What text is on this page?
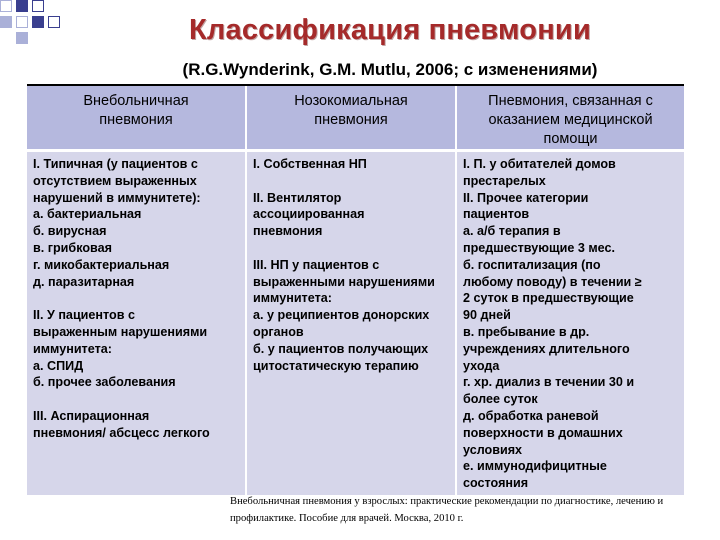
Классификация пневмонии
(R.G.Wynderink, G.M. Mutlu, 2006; с изменениями)
Внебольничная
пневмония
Нозокомиальная
пневмония
Пневмония, связанная с
оказанием медицинской
помощи
I. Типичная (у пациентов с
отсутствием выраженных
нарушений в иммунитете):
а. бактериальная
б. вирусная
в. грибковая
г. микобактериальная
д. паразитарная
II. У пациентов с
выраженным нарушениями
иммунитета:
а. СПИД
б. прочее заболевания
III. Аспирационная
пневмония/ абсцесс легкого
I. Собственная НП
II. Вентилятор
ассоциированная
пневмония
III. НП у пациентов с
выраженными нарушениями
иммунитета:
а. у реципиентов донорских
органов
б. у пациентов получающих
цитостатическую терапию
I. П. у обитателей домов
престарелых
II. Прочее категории
пациентов
а. а/б терапия в
предшествующие 3 мес.
б. госпитализация (по
любому поводу) в течении ≥
2 суток в предшествующие
90 дней
в. пребывание в др.
учреждениях длительного
ухода
г. хр. диализ в течении 30 и
более суток
д. обработка раневой
поверхности в домашних
условиях
е. иммунодифицитные
состояния
Внебольничная пневмония у взрослых: практические рекомендации по диагностике, лечению и
профилактике. Пособие для врачей. Москва, 2010 г.
